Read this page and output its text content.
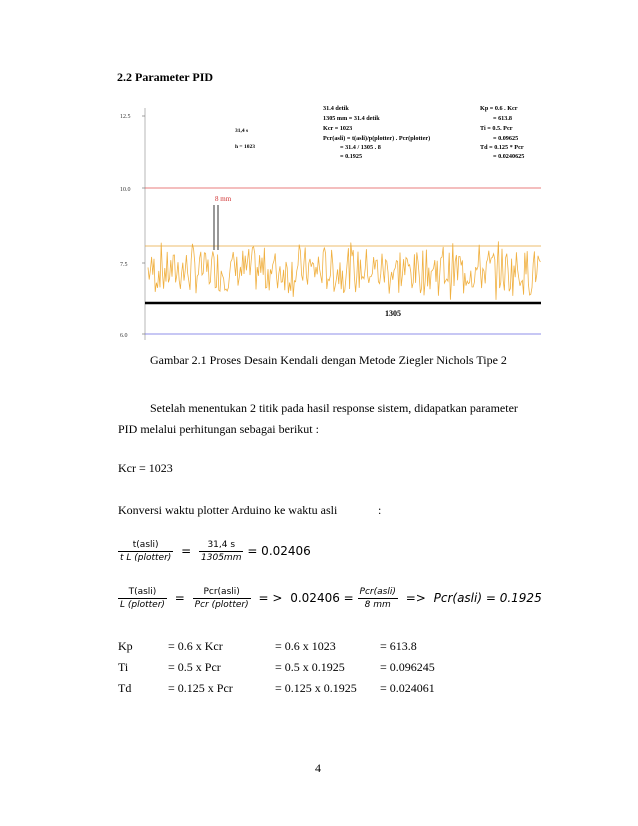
2.2 Parameter PID
12.5
10.0
7.5
6.0
8 mm
1305
31,4 s
h = 1023
31.4 detik
1305 mm = 31.4 detik
Kcr = 1023
Pcr(asli) = t(asli)/p(plotter) . Pcr(plotter)
= 31.4 / 1305 . 8
= 0.1925
Kp = 0.6 . Kcr
= 613.8
Ti = 0.5. Pcr
= 0.09625
Td = 0.125 * Pcr
= 0.0240625
Gambar 2.1 Proses Desain Kendali dengan Metode Ziegler Nichols Tipe 2
Setelah menentukan 2 titik pada hasil response sistem, didapatkan parameter PID melalui perhitungan sebagai berikut :
Kcr = 1023
Konversi waktu plotter Arduino ke waktu asli	:
$\frac{\text{t(asli)}}{\text{t L (plotter)}} = \frac{31,4 s}{1305mm} = 0.02406$
$\frac{\text{T(asli)}}{\text{L (plotter)}} = \frac{\text{Pcr(asli)}}{\text{Pcr (plotter)}}$ = > $0.02406 = \frac{\text{Pcr(asli)}}{8 mm}$ => Pcr(asli) = 0.1925
Kp	= 0.6 x Kcr	= 0.6 x 1023	= 613.8
Ti	= 0.5 x Pcr	= 0.5 x 0.1925	= 0.096245
Td	= 0.125 x Pcr	= 0.125 x 0.1925 = 0.024061
4
